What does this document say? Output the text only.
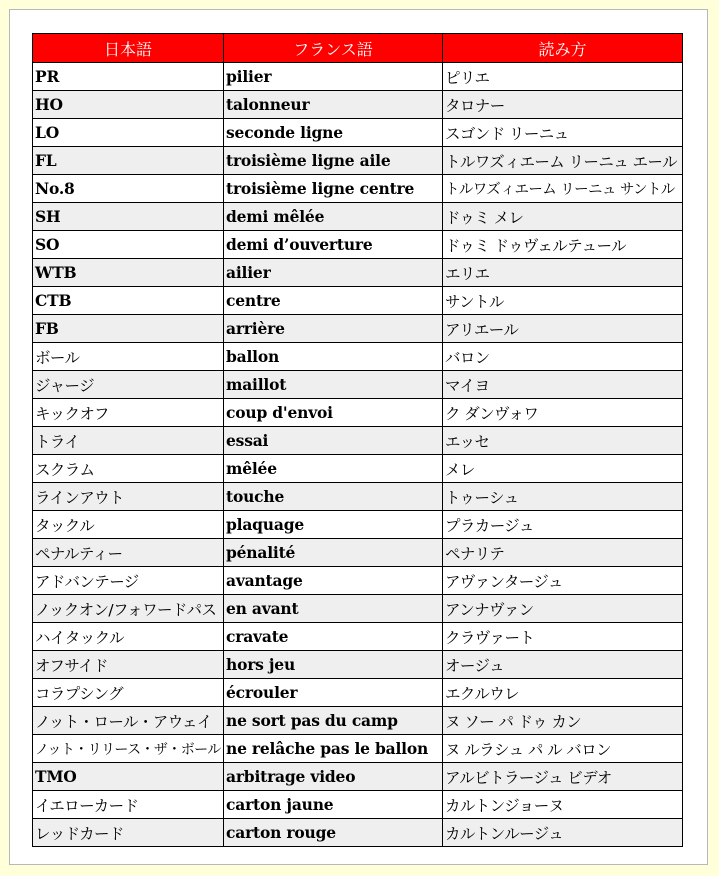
日本語	フランス語	読み方
PR	pilier	ピリエ
HO	talonneur	タロナー
LO	seconde ligne	スゴンド リーニュ
FL	troisième ligne aile	トルワズィエーム リーニュ エール
No.8	troisième ligne centre	トルワズィエーム リーニュ サントル
SH	demi mêlée	ドゥミ メレ
SO	demi d’ouverture	ドゥミ ドゥヴェルテュール
WTB	ailier	エリエ
CTB	centre	サントル
FB	arrière	アリエール
ボール	ballon	バロン
ジャージ	maillot	マイヨ
キックオフ	coup d'envoi	ク ダンヴォワ
トライ	essai	エッセ
スクラム	mêlée	メレ
ラインアウト	touche	トゥーシュ
タックル	plaquage	プラカージュ
ペナルティー	pénalité	ペナリテ
アドバンテージ	avantage	アヴァンタージュ
ノックオン/フォワードパス	en avant	アンナヴァン
ハイタックル	cravate	クラヴァート
オフサイド	hors jeu	オージュ
コラプシング	écrouler	エクルウレ
ノット・ロール・アウェイ	ne sort pas du camp	ヌ ソー パ ドゥ カン
ノット・リリース・ザ・ボール	ne relâche pas le ballon	ヌ ルラシュ パ ル バロン
TMO	arbitrage video	アルビトラージュ ビデオ
イエローカード	carton jaune	カルトンジョーヌ
レッドカード	carton rouge	カルトンルージュ
